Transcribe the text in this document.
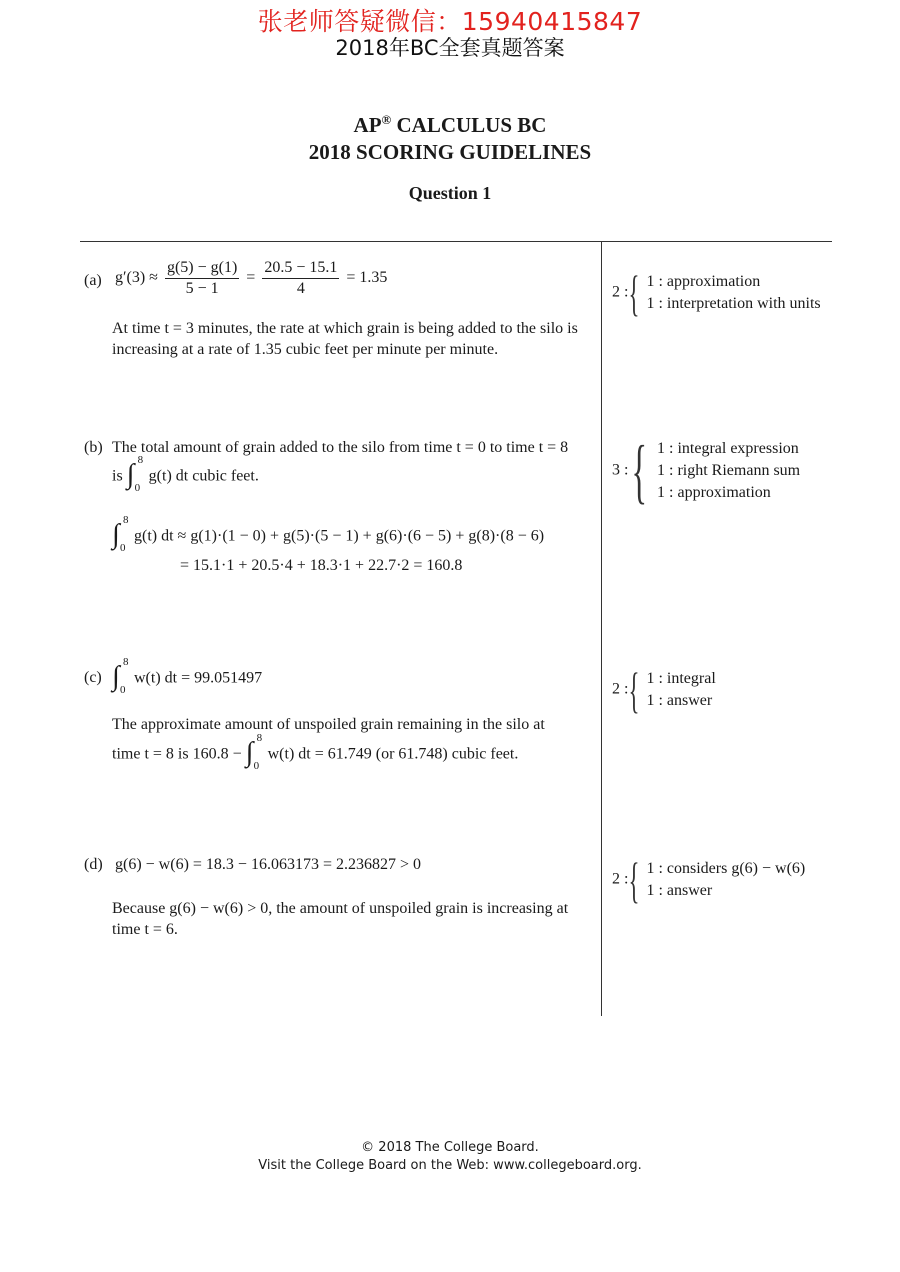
张老师答疑微信：15940415847
2018年BC全套真题答案
AP® CALCULUS BC
2018 SCORING GUIDELINES
Question 1
(a) $g'(3) \approx \frac{g(5) - g(1)}{5 - 1} = \frac{20.5 - 15.1}{4} = 1.35$
At time t = 3 minutes, the rate at which grain is being added to the silo is increasing at a rate of 1.35 cubic feet per minute per minute.
2 :{ 1 : approximation
1 : interpretation with units
(b) The total amount of grain added to the silo from time t = 0 to time t = 8
is ∫ 8
0
g(t) dt cubic feet.
∫ 8
0
g(t) dt ≈ g(1)·(1 − 0) + g(5)·(5 − 1) + g(6)·(6 − 5) + g(8)·(8 − 6)
= 15.1·1 + 20.5·4 + 18.3·1 + 22.7·2 = 160.8
3 :{ 1 : integral expression
1 : right Riemann sum
1 : approximation
(c) ∫ 8
0
w(t) dt = 99.051497
The approximate amount of unspoiled grain remaining in the silo at
time t = 8 is 160.8 − ∫ 8
0
w(t) dt = 61.749 (or 61.748) cubic feet.
2 :{ 1 : integral
1 : answer
(d) g(6) − w(6) = 18.3 − 16.063173 = 2.236827 > 0
Because g(6) − w(6) > 0, the amount of unspoiled grain is increasing at time t = 6.
2 :{ 1 : considers g(6) − w(6)
1 : answer
© 2018 The College Board.
Visit the College Board on the Web: www.collegeboard.org.
